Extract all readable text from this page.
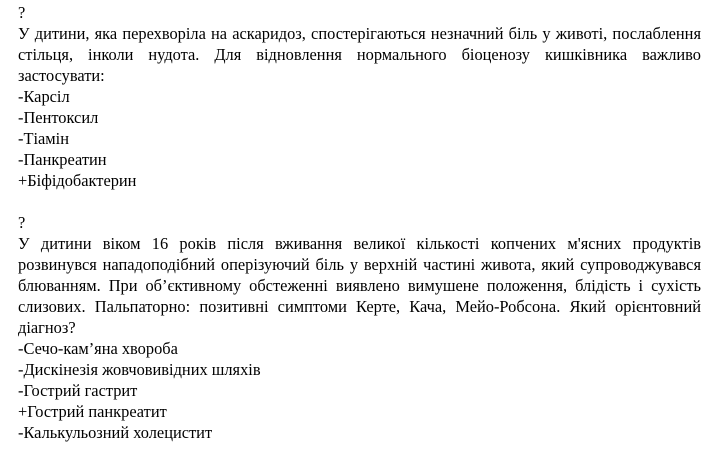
?
У дитини, яка перехворіла на аскаридоз, спостерігаються незначний біль у животі, послаблення стільця, інколи нудота. Для відновлення нормального біоценозу кишківника важливо застосувати:
-Карсіл
-Пентоксил
-Тіамін
-Панкреатин
+Біфідобактерин
?
У дитини віком 16 років після вживання великої кількості копчених м'ясних продуктів розвинувся нападоподібний оперізуючий біль у верхній частині живота, який супроводжувався блюванням. При об’єктивному обстеженні виявлено вимушене положення, блідість і сухість слизових. Пальпаторно: позитивні симптоми Керте, Кача, Мейо-Робсона. Який орієнтовний діагноз?
-Сечо-кам’яна хвороба
-Дискінезія жовчовивідних шляхів
-Гострий гастрит
+Гострий панкреатит
-Калькульозний холецистит
